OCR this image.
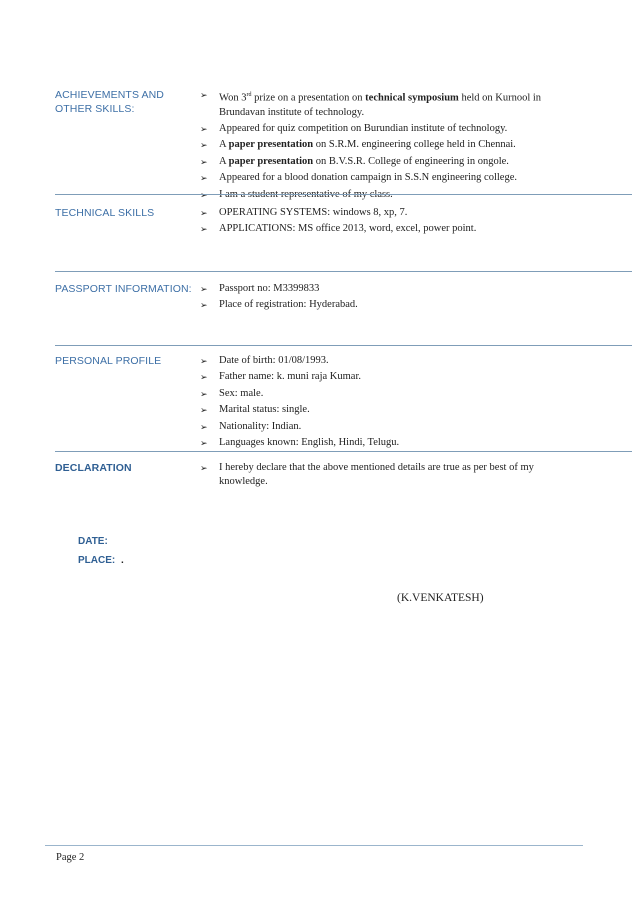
ACHIEVEMENTS AND OTHER SKILLS:
➢ Won 3rd prize on a presentation on technical symposium held on Kurnool in Brundavan institute of technology.
➢ Appeared for quiz competition on Burundian institute of technology.
➢ A paper presentation on S.R.M. engineering college held in Chennai.
➢ A paper presentation on B.V.S.R. College of engineering in ongole.
➢ Appeared for a blood donation campaign in S.S.N engineering college.
➢ I am a student representative of my class.
TECHNICAL SKILLS	➢ OPERATING SYSTEMS: windows 8, xp, 7.
➢ APPLICATIONS: MS office 2013, word, excel, power point.
PASSPORT INFORMATION: ➢ Passport no: M3399833
➢ Place of registration: Hyderabad.
PERSONAL PROFILE	➢ Date of birth: 01/08/1993.
➢ Father name: k. muni raja Kumar.
➢ Sex: male.
➢ Marital status: single.
➢ Nationality: Indian.
➢ Languages known: English, Hindi, Telugu.
DECLARATION	➢ I hereby declare that the above mentioned details are true as per best of my knowledge.
DATE:
PLACE: .
(K.VENKATESH)
Page 2
